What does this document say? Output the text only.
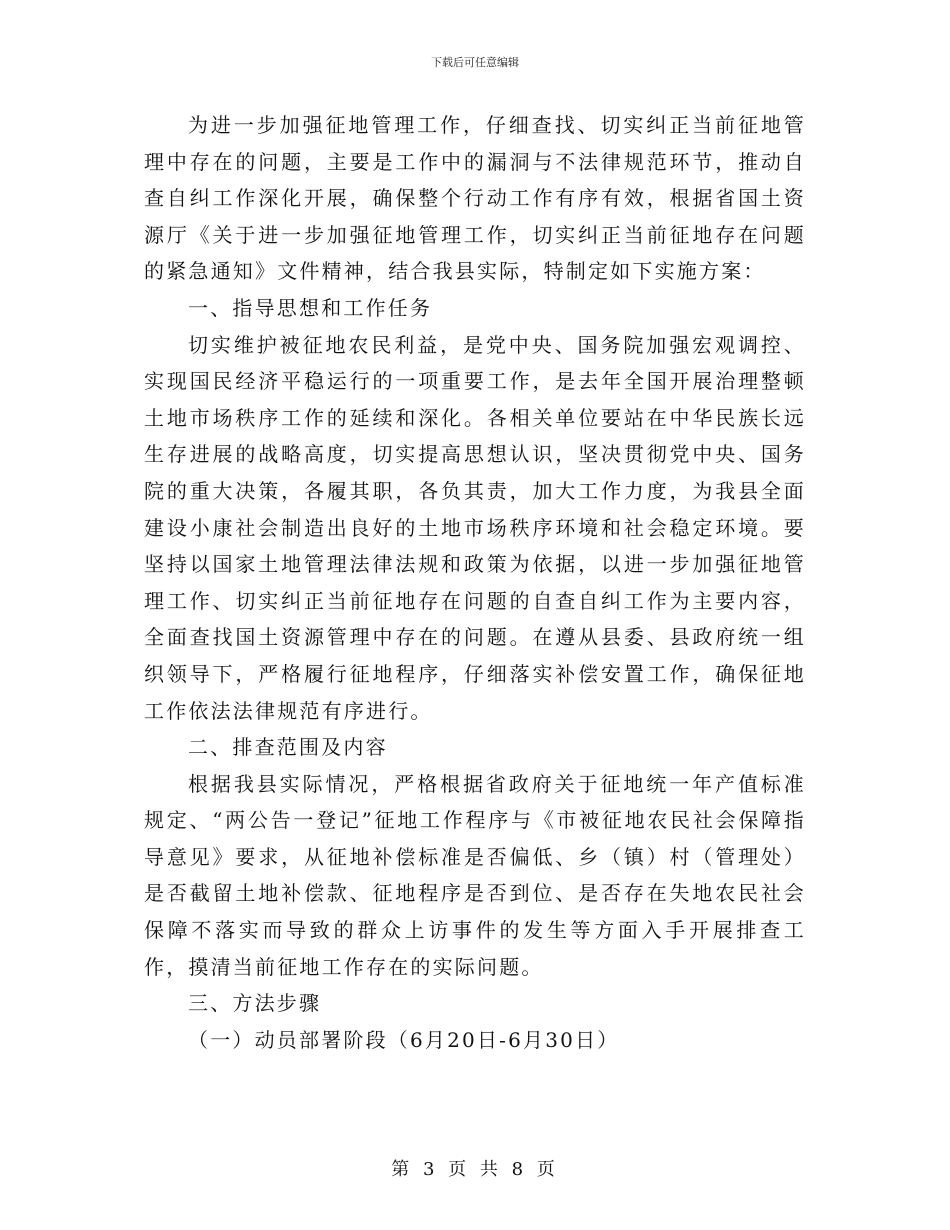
下载后可任意编辑

为进一步加强征地管理工作，仔细查找、切实纠正当前征地管理中存在的问题，主要是工作中的漏洞与不法律规范环节，推动自查自纠工作深化开展，确保整个行动工作有序有效，根据省国土资源厅《关于进一步加强征地管理工作，切实纠正当前征地存在问题的紧急通知》文件精神，结合我县实际，特制定如下实施方案：

一、指导思想和工作任务

切实维护被征地农民利益，是党中央、国务院加强宏观调控、实现国民经济平稳运行的一项重要工作，是去年全国开展治理整顿土地市场秩序工作的延续和深化。各相关单位要站在中华民族长远生存进展的战略高度，切实提高思想认识，坚决贯彻党中央、国务院的重大决策，各履其职，各负其责，加大工作力度，为我县全面建设小康社会制造出良好的土地市场秩序环境和社会稳定环境。要坚持以国家土地管理法律法规和政策为依据，以进一步加强征地管理工作、切实纠正当前征地存在问题的自查自纠工作为主要内容，全面查找国土资源管理中存在的问题。在遵从县委、县政府统一组织领导下，严格履行征地程序，仔细落实补偿安置工作，确保征地工作依法法律规范有序进行。

二、排查范围及内容

根据我县实际情况，严格根据省政府关于征地统一年产值标准规定、“两公告一登记”征地工作程序与《市被征地农民社会保障指导意见》要求，从征地补偿标准是否偏低、乡（镇）村（管理处）是否截留土地补偿款、征地程序是否到位、是否存在失地农民社会保障不落实而导致的群众上访事件的发生等方面入手开展排查工作，摸清当前征地工作存在的实际问题。

三、方法步骤

（一）动员部署阶段（6月20日-6月30日）

第 3 页 共 8 页
